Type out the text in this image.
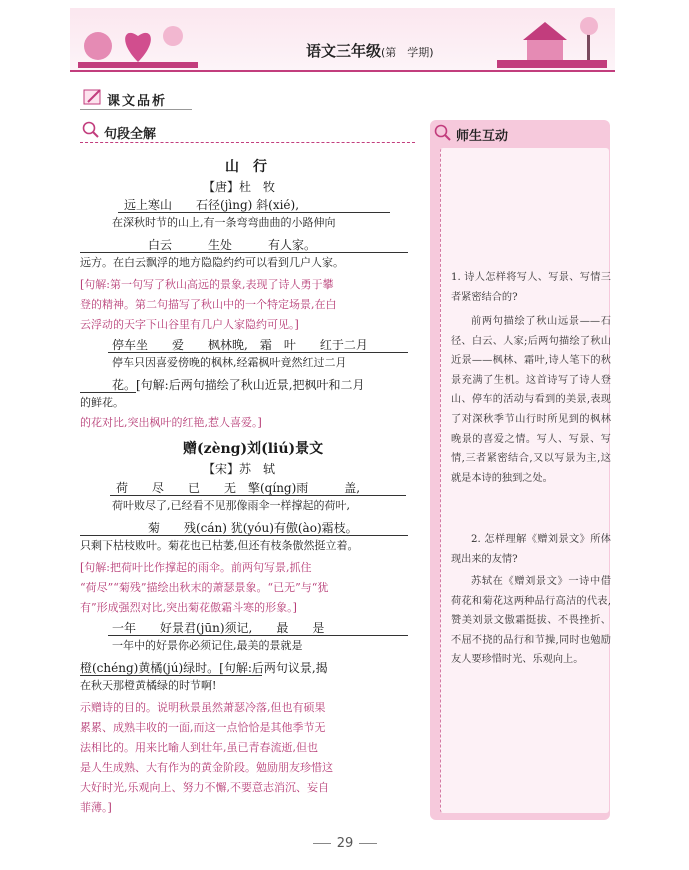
语文三年级(第　学期)
课文品析
句段全解
山　行
【唐】杜　牧
远上寒山　　石径(jìng) 斜(xié),
在深秋时节的山上,有一条弯弯曲曲的小路伸向
　　　白云　　　生处　　　有人家。
远方。在白云飘浮的地方隐隐约约可以看到几户人家。
[句解:第一句写了秋山高远的景象,表现了诗人勇于攀
登的精神。第二句描写了秋山中的一个特定场景,在白
云浮动的天字下山谷里有几户人家隐约可见。]
停车坐　　爱　　枫林晚,　霜　叶　　红于二月
停车只因喜爱傍晚的枫林,经霜枫叶竟然红过二月
花。[句解:后两句描绘了秋山近景,把枫叶和二月
的鲜花。
的花对比,突出枫叶的红艳,惹人喜爱。]
赠(zèng)刘(liú)景文
【宋】苏　轼
荷　　尽　　已　　无　擎(qíng)雨　　　盖,
荷叶败尽了,已经看不见那像雨伞一样撑起的荷叶,
　　　菊　　残(cán) 犹(yóu)有傲(ào)霜枝。
只剩下枯枝败叶。菊花也已枯萎,但还有枝条傲然挺立着。
[句解:把荷叶比作撑起的雨伞。前两句写景,抓住
“荷尽”“菊残”描绘出秋末的萧瑟景象。“已无”与“犹
有”形成强烈对比,突出菊花傲霜斗寒的形象。]
一年　　好景君(jūn)须记,　　最　　是
一年中的好景你必须记住,最美的景就是
橙(chéng)黄橘(jú)绿时。[句解:后两句议景,揭
在秋天那橙黄橘绿的时节啊!
示赠诗的目的。说明秋景虽然萧瑟冷落,但也有硕果
累累、成熟丰收的一面,而这一点恰恰是其他季节无
法相比的。用来比喻人到壮年,虽已青春流逝,但也
是人生成熟、大有作为的黄金阶段。勉励朋友珍惜这
大好时光,乐观向上、努力不懈,不要意志消沉、妄自
菲薄。]
师生互动
1. 诗人怎样将写人、写景、写情三者紧密结合的?
前两句描绘了秋山远景——石径、白云、人家;后两句描绘了秋山近景——枫林、霜叶,诗人笔下的秋景充满了生机。这首诗写了诗人登山、停车的活动与看到的美景,表现了对深秋季节山行时所见到的枫林晚景的喜爱之情。写人、写景、写情,三者紧密结合,又以写景为主,这就是本诗的独到之处。
2. 怎样理解《赠刘景文》所体现出来的友情?
苏轼在《赠刘景文》一诗中借荷花和菊花这两种品行高洁的代表,赞美刘景文傲霜挺拔、不畏挫折、不屈不挠的品行和节操,同时也勉励友人要珍惜时光、乐观向上。
29
